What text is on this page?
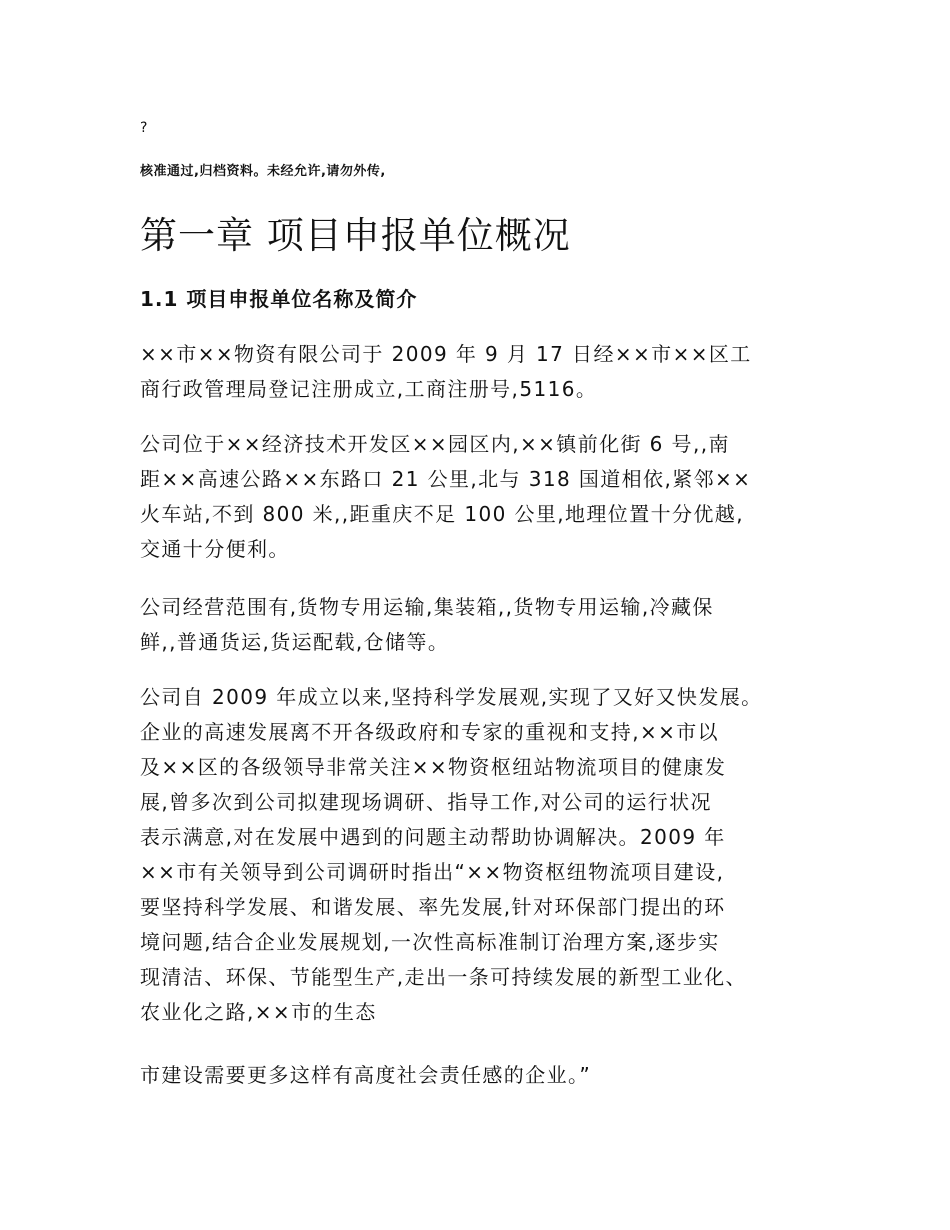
?
核准通过,归档资料。未经允许,请勿外传,
第一章 项目申报单位概况
1.1 项目申报单位名称及简介
××市××物资有限公司于 2009 年 9 月 17 日经××市××区工
商行政管理局登记注册成立,工商注册号,5116。
公司位于××经济技术开发区××园区内,××镇前化街 6 号,,南
距××高速公路××东路口 21 公里,北与 318 国道相依,紧邻××
火车站,不到 800 米,,距重庆不足 100 公里,地理位置十分优越,
交通十分便利。
公司经营范围有,货物专用运输,集装箱,,货物专用运输,冷藏保
鲜,,普通货运,货运配载,仓储等。
公司自 2009 年成立以来,坚持科学发展观,实现了又好又快发展。
企业的高速发展离不开各级政府和专家的重视和支持,××市以
及××区的各级领导非常关注××物资枢纽站物流项目的健康发
展,曾多次到公司拟建现场调研、指导工作,对公司的运行状况
表示满意,对在发展中遇到的问题主动帮助协调解决。2009 年
××市有关领导到公司调研时指出“××物资枢纽物流项目建设,
要坚持科学发展、和谐发展、率先发展,针对环保部门提出的环
境问题,结合企业发展规划,一次性高标准制订治理方案,逐步实
现清洁、环保、节能型生产,走出一条可持续发展的新型工业化、
农业化之路,××市的生态
市建设需要更多这样有高度社会责任感的企业。”
